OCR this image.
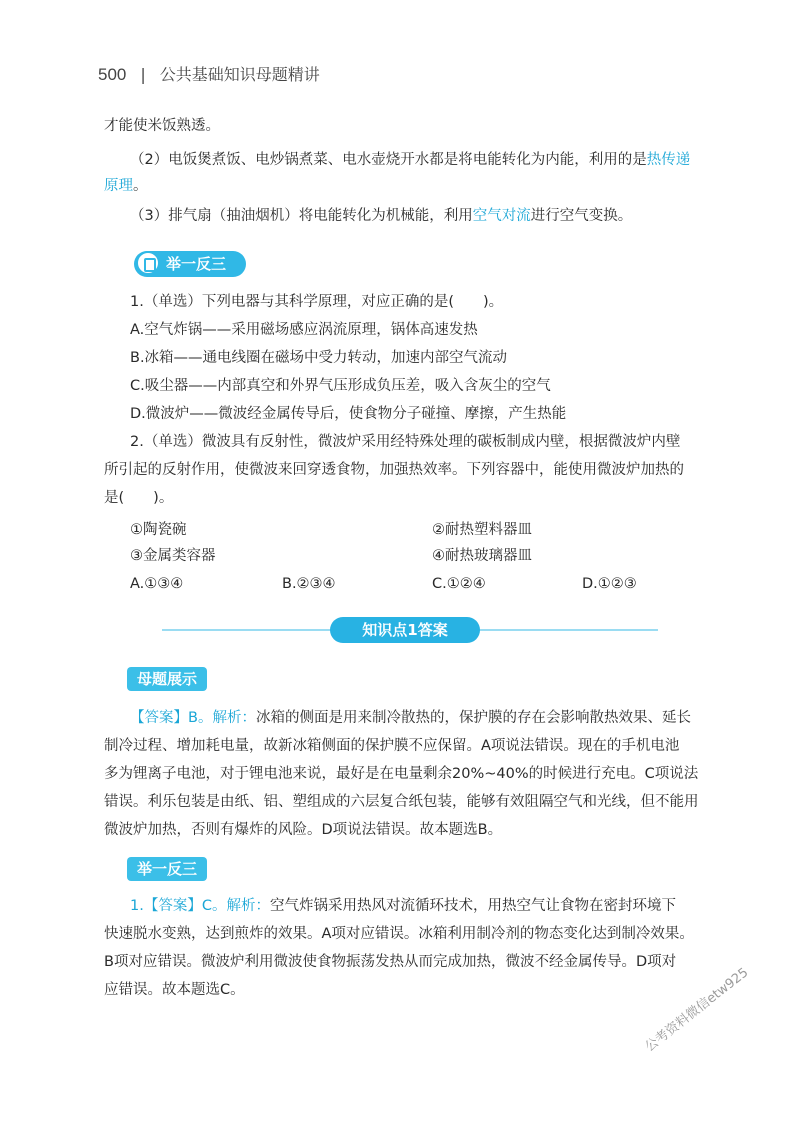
500 | 公共基础知识母题精讲
才能使米饭熟透。
（2）电饭煲煮饭、电炒锅煮菜、电水壶烧开水都是将电能转化为内能，利用的是热传递
原理。
（3）排气扇（抽油烟机）将电能转化为机械能，利用空气对流进行空气变换。
举一反三
1.（单选）下列电器与其科学原理，对应正确的是(　　)。
A.空气炸锅——采用磁场感应涡流原理，锅体高速发热
B.冰箱——通电线圈在磁场中受力转动，加速内部空气流动
C.吸尘器——内部真空和外界气压形成负压差，吸入含灰尘的空气
D.微波炉——微波经金属传导后，使食物分子碰撞、摩擦，产生热能
2.（单选）微波具有反射性，微波炉采用经特殊处理的碳板制成内壁，根据微波炉内壁
所引起的反射作用，使微波来回穿透食物，加强热效率。下列容器中，能使用微波炉加热的
是(　　)。
①陶瓷碗	②耐热塑料器皿
③金属类容器	④耐热玻璃器皿
A.①③④	B.②③④	C.①②④	D.①②③
知识点1答案
母题展示
【答案】B。解析：冰箱的侧面是用来制冷散热的，保护膜的存在会影响散热效果、延长
制冷过程、增加耗电量，故新冰箱侧面的保护膜不应保留。A项说法错误。现在的手机电池
多为锂离子电池，对于锂电池来说，最好是在电量剩余20%~40%的时候进行充电。C项说法
错误。利乐包装是由纸、铝、塑组成的六层复合纸包装，能够有效阻隔空气和光线，但不能用
微波炉加热，否则有爆炸的风险。D项说法错误。故本题选B。
举一反三
1.【答案】C。解析：空气炸锅采用热风对流循环技术，用热空气让食物在密封环境下
快速脱水变熟，达到煎炸的效果。A项对应错误。冰箱利用制冷剂的物态变化达到制冷效果。
B项对应错误。微波炉利用微波使食物振荡发热从而完成加热，微波不经金属传导。D项对
应错误。故本题选C。	公考资料微信etw925
